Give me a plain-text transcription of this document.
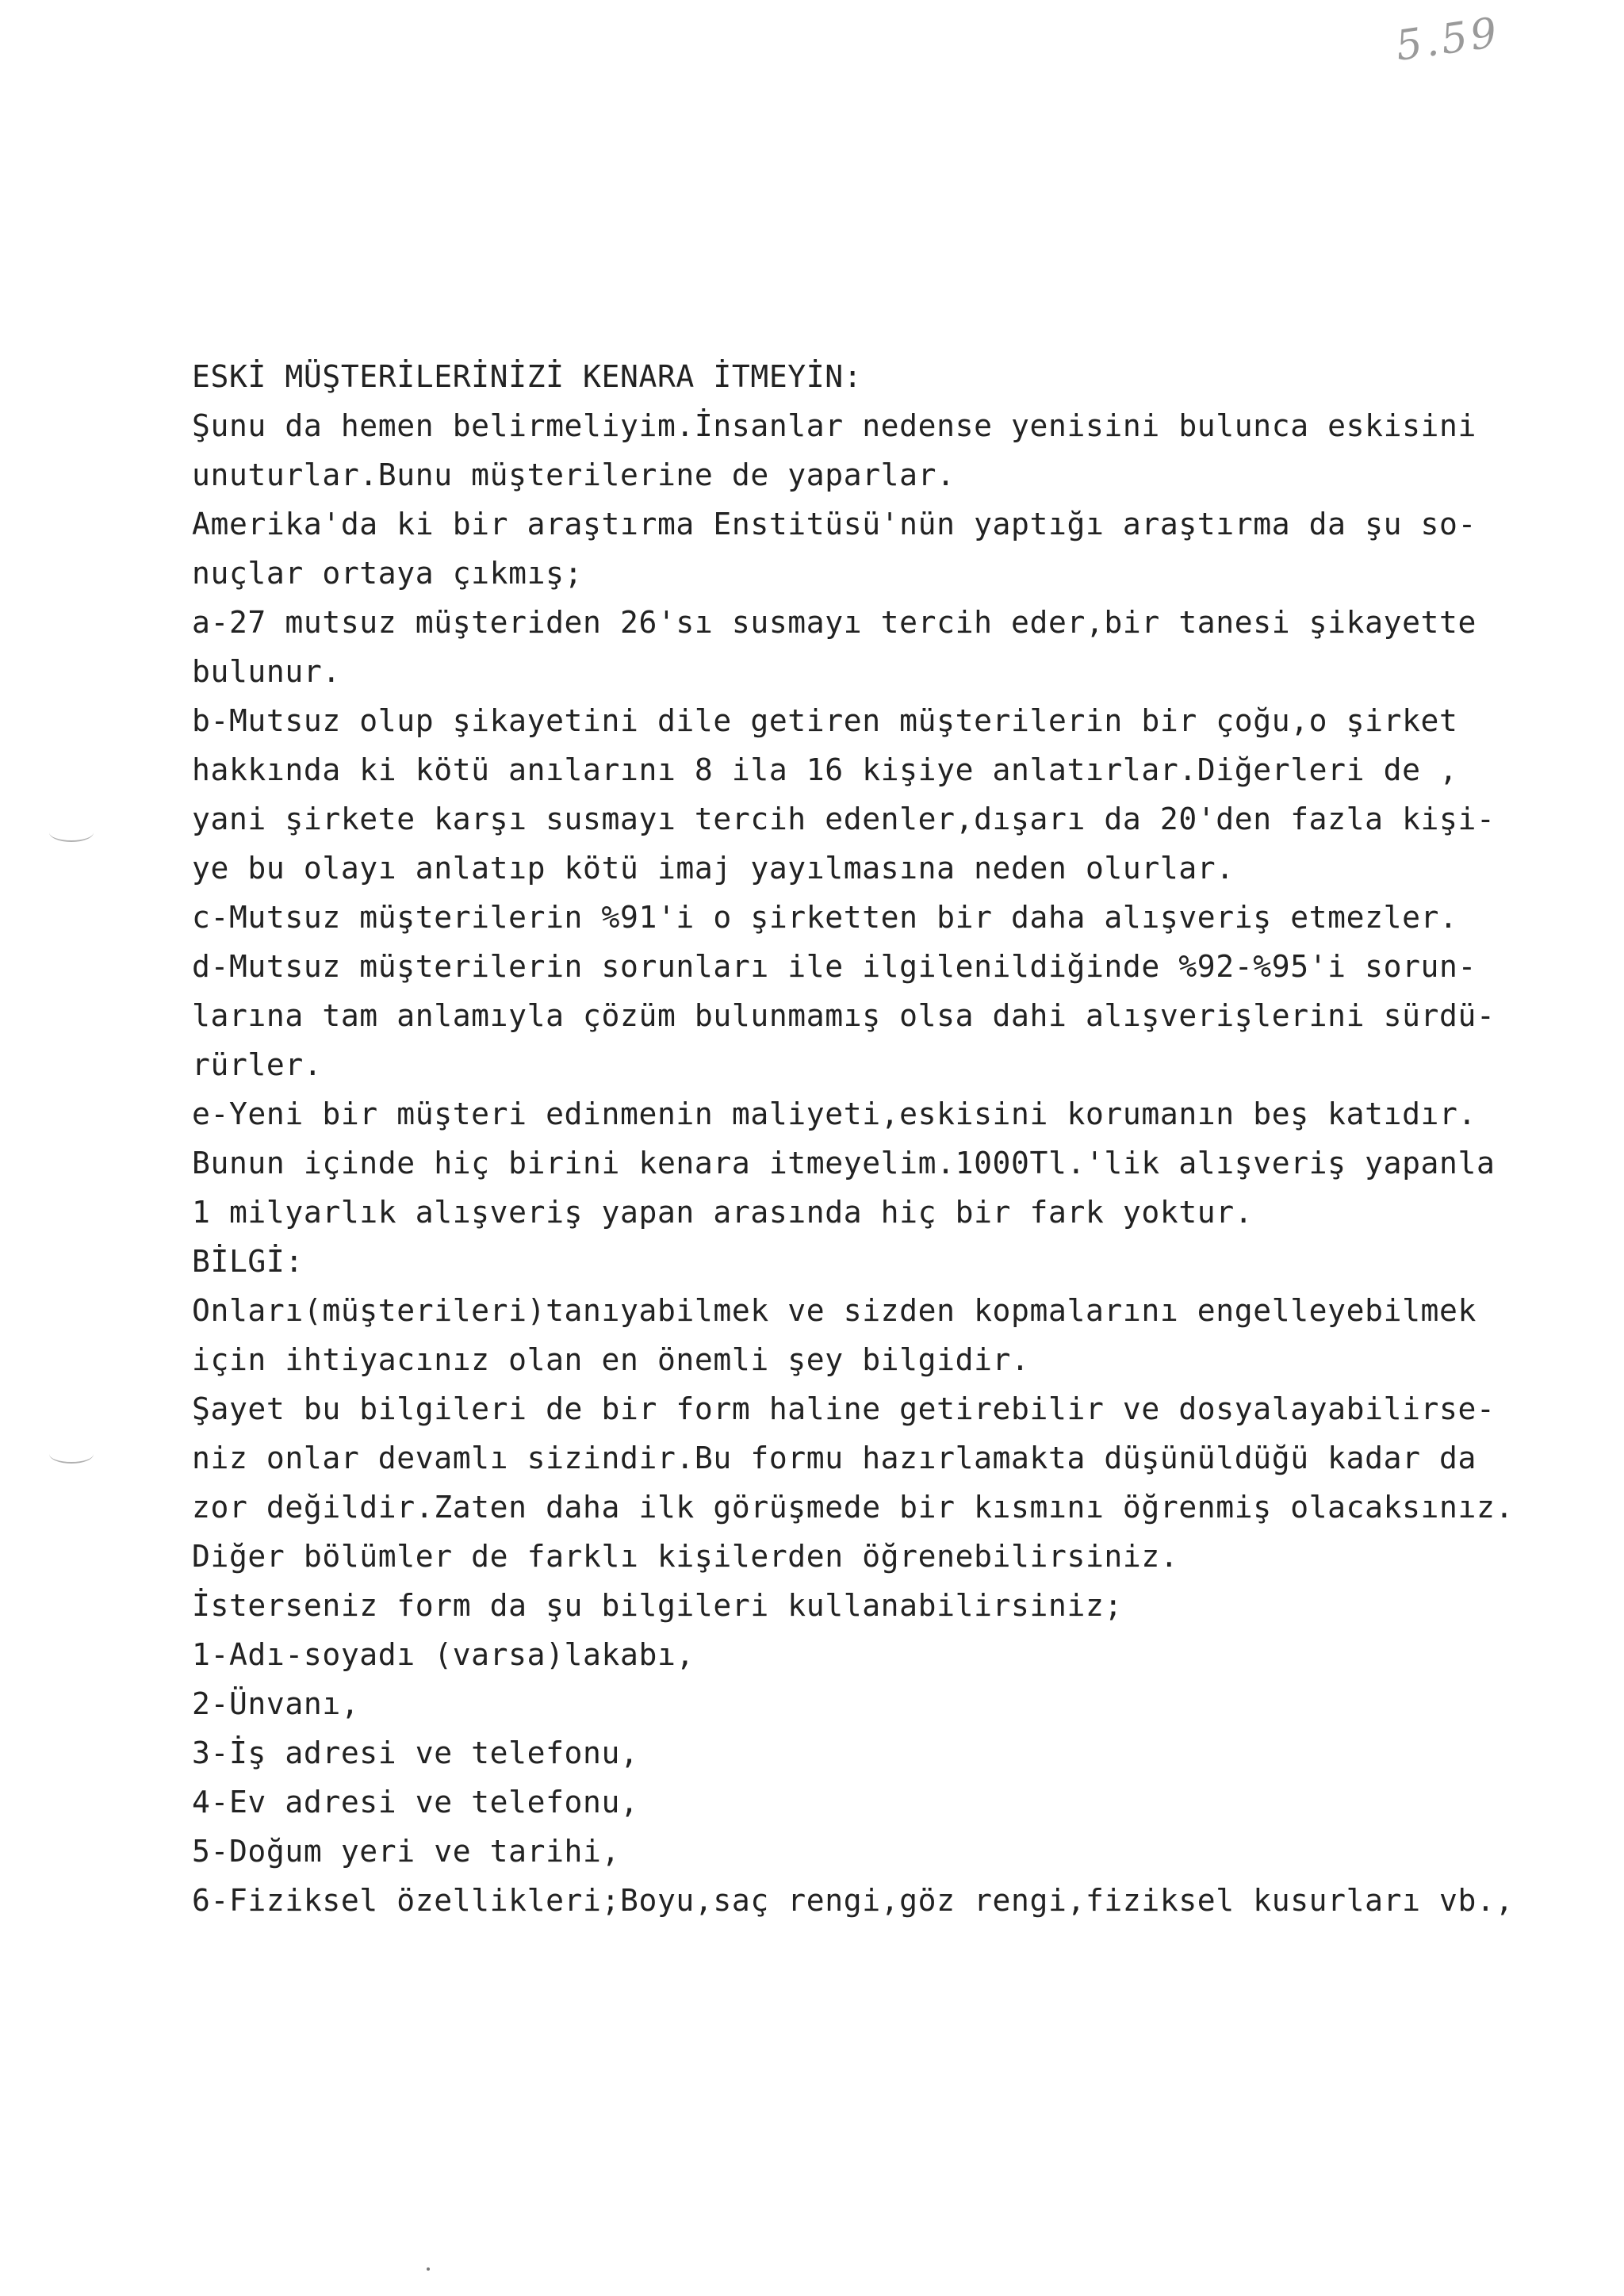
5.59
ESKİ MÜŞTERİLERİNİZİ KENARA İTMEYİN:
Şunu da hemen belirmeliyim.İnsanlar nedense yenisini bulunca eskisini
unuturlar.Bunu müşterilerine de yaparlar.
Amerika'da ki bir araştırma Enstitüsü'nün yaptığı araştırma da şu so-
nuçlar ortaya çıkmış;
a-27 mutsuz müşteriden 26'sı susmayı tercih eder,bir tanesi şikayette
bulunur.
b-Mutsuz olup şikayetini dile getiren müşterilerin bir çoğu,o şirket
hakkında ki kötü anılarını 8 ila 16 kişiye anlatırlar.Diğerleri de ,
yani şirkete karşı susmayı tercih edenler,dışarı da 20'den fazla kişi-
ye bu olayı anlatıp kötü imaj yayılmasına neden olurlar.
c-Mutsuz müşterilerin %91'i o şirketten bir daha alışveriş etmezler.
d-Mutsuz müşterilerin sorunları ile ilgilenildiğinde %92-%95'i sorun-
larına tam anlamıyla çözüm bulunmamış olsa dahi alışverişlerini sürdü-
rürler.
e-Yeni bir müşteri edinmenin maliyeti,eskisini korumanın beş katıdır.
Bunun içinde hiç birini kenara itmeyelim.1000Tl.'lik alışveriş yapanla
1 milyarlık alışveriş yapan arasında hiç bir fark yoktur.
BİLGİ:
Onları(müşterileri)tanıyabilmek ve sizden kopmalarını engelleyebilmek
için ihtiyacınız olan en önemli şey bilgidir.
Şayet bu bilgileri de bir form haline getirebilir ve dosyalayabilirse-
niz onlar devamlı sizindir.Bu formu hazırlamakta düşünüldüğü kadar da
zor değildir.Zaten daha ilk görüşmede bir kısmını öğrenmiş olacaksınız.
Diğer bölümler de farklı kişilerden öğrenebilirsiniz.
İsterseniz form da şu bilgileri kullanabilirsiniz;
1-Adı-soyadı (varsa)lakabı,
2-Ünvanı,
3-İş adresi ve telefonu,
4-Ev adresi ve telefonu,
5-Doğum yeri ve tarihi,
6-Fiziksel özellikleri;Boyu,saç rengi,göz rengi,fiziksel kusurları vb.,
